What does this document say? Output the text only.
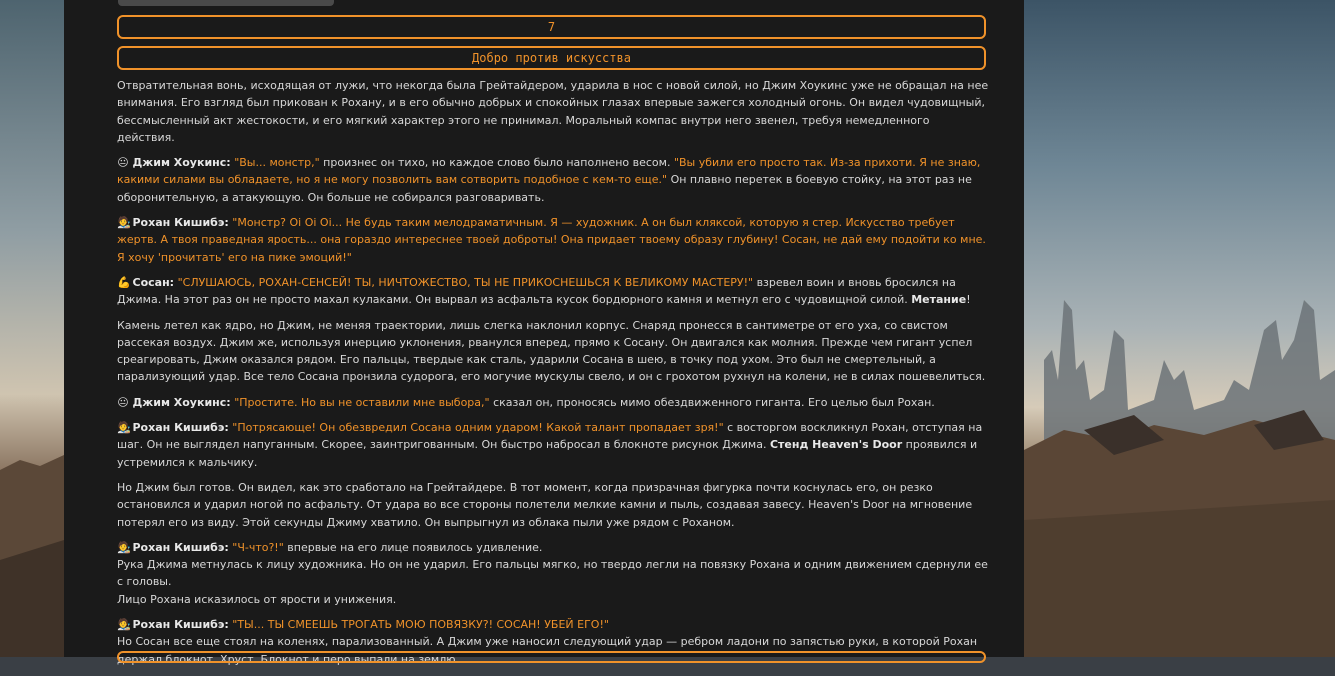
7
Добро против искусства

Отвратительная вонь, исходящая от лужи, что некогда была Грейтайдером, ударила в нос с новой силой, но Джим Хоукинс уже не обращал на нее внимания. Его взгляд был прикован к Рохану, и в его обычно добрых и спокойных глазах впервые зажегся холодный огонь. Он видел чудовищный, бессмысленный акт жестокости, и его мягкий характер этого не принимал. Моральный компас внутри него звенел, требуя немедленного действия.

😐 Джим Хоукинс: "Вы... монстр," произнес он тихо, но каждое слово было наполнено весом. "Вы убили его просто так. Из-за прихоти. Я не знаю, какими силами вы обладаете, но я не могу позволить вам сотворить подобное с кем-то еще." Он плавно перетек в боевую стойку, на этот раз не оборонительную, а атакующую. Он больше не собирался разговаривать.

🧑‍🎨 Рохан Кишибэ: "Монстр? Oi Oi Oi... Не будь таким мелодраматичным. Я — художник. А он был кляксой, которую я стер. Искусство требует жертв. А твоя праведная ярость... она гораздо интереснее твоей доброты! Она придает твоему образу глубину! Сосан, не дай ему подойти ко мне. Я хочу 'прочитать' его на пике эмоций!"

💪 Сосан: "СЛУШАЮСЬ, РОХАН-СЕНСЕЙ! ТЫ, НИЧТОЖЕСТВО, ТЫ НЕ ПРИКОСНЕШЬСЯ К ВЕЛИКОМУ МАСТЕРУ!" взревел воин и вновь бросился на Джима. На этот раз он не просто махал кулаками. Он вырвал из асфальта кусок бордюрного камня и метнул его с чудовищной силой. Метание!

Камень летел как ядро, но Джим, не меняя траектории, лишь слегка наклонил корпус. Снаряд пронесся в сантиметре от его уха, со свистом рассекая воздух. Джим же, используя инерцию уклонения, рванулся вперед, прямо к Сосану. Он двигался как молния. Прежде чем гигант успел среагировать, Джим оказался рядом. Его пальцы, твердые как сталь, ударили Сосана в шею, в точку под ухом. Это был не смертельный, а парализующий удар. Все тело Сосана пронзила судорога, его могучие мускулы свело, и он с грохотом рухнул на колени, не в силах пошевелиться.

😐 Джим Хоукинс: "Простите. Но вы не оставили мне выбора," сказал он, проносясь мимо обездвиженного гиганта. Его целью был Рохан.

🧑‍🎨 Рохан Кишибэ: "Потрясающе! Он обезвредил Сосана одним ударом! Какой талант пропадает зря!" с восторгом воскликнул Рохан, отступая на шаг. Он не выглядел напуганным. Скорее, заинтригованным. Он быстро набросал в блокноте рисунок Джима. Стенд Heaven's Door проявился и устремился к мальчику.

Но Джим был готов. Он видел, как это сработало на Грейтайдере. В тот момент, когда призрачная фигурка почти коснулась его, он резко остановился и ударил ногой по асфальту. От удара во все стороны полетели мелкие камни и пыль, создавая завесу. Heaven's Door на мгновение потерял его из виду. Этой секунды Джиму хватило. Он выпрыгнул из облака пыли уже рядом с Роханом.

🧑‍🎨 Рохан Кишибэ: "Ч-что?!" впервые на его лице появилось удивление.
Рука Джима метнулась к лицу художника. Но он не ударил. Его пальцы мягко, но твердо легли на повязку Рохана и одним движением сдернули ее с головы.
Лицо Рохана исказилось от ярости и унижения.

🧑‍🎨 Рохан Кишибэ: "ТЫ... ТЫ СМЕЕШЬ ТРОГАТЬ МОЮ ПОВЯЗКУ?! СОСАН! УБЕЙ ЕГО!"
Но Сосан все еще стоял на коленях, парализованный. А Джим уже наносил следующий удар — ребром ладони по запястью руки, в которой Рохан держал блокнот. Хруст. Блокнот и перо выпали на землю.
